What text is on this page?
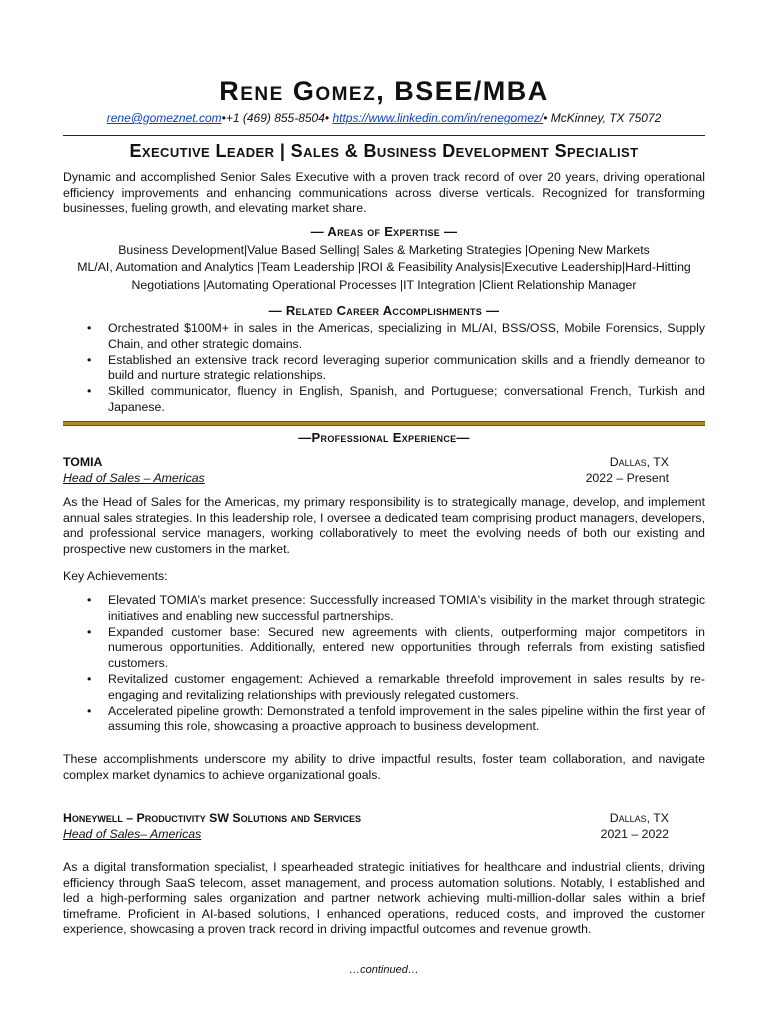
Rene Gomez, BSEE/MBA
rene@gomeznet.com•+1 (469) 855-8504• https://www.linkedin.com/in/renegomez/• McKinney, TX 75072
Executive Leader | Sales & Business Development Specialist

Dynamic and accomplished Senior Sales Executive with a proven track record of over 20 years, driving operational efficiency improvements and enhancing communications across diverse verticals. Recognized for transforming businesses, fueling growth, and elevating market share.

— Areas of Expertise —
Business Development|Value Based Selling| Sales & Marketing Strategies |Opening New Markets
ML/AI, Automation and Analytics |Team Leadership |ROI & Feasibility Analysis|Executive Leadership|Hard-Hitting
Negotiations |Automating Operational Processes |IT Integration |Client Relationship Manager
— Related Career Accomplishments —
• Orchestrated $100M+ in sales in the Americas, specializing in ML/AI, BSS/OSS, Mobile Forensics, Supply Chain, and other strategic domains.
• Established an extensive track record leveraging superior communication skills and a friendly demeanor to build and nurture strategic relationships.
• Skilled communicator, fluency in English, Spanish, and Portuguese; conversational French, Turkish and Japanese.
—Professional Experience—
TOMIA	Dallas, TX
Head of Sales – Americas	2022 – Present

As the Head of Sales for the Americas, my primary responsibility is to strategically manage, develop, and implement annual sales strategies. In this leadership role, I oversee a dedicated team comprising product managers, developers, and professional service managers, working collaboratively to meet the evolving needs of both our existing and prospective new customers in the market.

Key Achievements:

• Elevated TOMIA’s market presence: Successfully increased TOMIA's visibility in the market through strategic initiatives and enabling new successful partnerships.
• Expanded customer base: Secured new agreements with clients, outperforming major competitors in numerous opportunities. Additionally, entered new opportunities through referrals from existing satisfied customers.
• Revitalized customer engagement: Achieved a remarkable threefold improvement in sales results by re-engaging and revitalizing relationships with previously relegated customers.
• Accelerated pipeline growth: Demonstrated a tenfold improvement in the sales pipeline within the first year of assuming this role, showcasing a proactive approach to business development.

These accomplishments underscore my ability to drive impactful results, foster team collaboration, and navigate complex market dynamics to achieve organizational goals.

Honeywell – Productivity SW Solutions and Services	Dallas, TX
Head of Sales– Americas	2021 – 2022

As a digital transformation specialist, I spearheaded strategic initiatives for healthcare and industrial clients, driving efficiency through SaaS telecom, asset management, and process automation solutions. Notably, I established and led a high-performing sales organization and partner network achieving multi-million-dollar sales within a brief timeframe. Proficient in AI-based solutions, I enhanced operations, reduced costs, and improved the customer experience, showcasing a proven track record in driving impactful outcomes and revenue growth.

…continued…
